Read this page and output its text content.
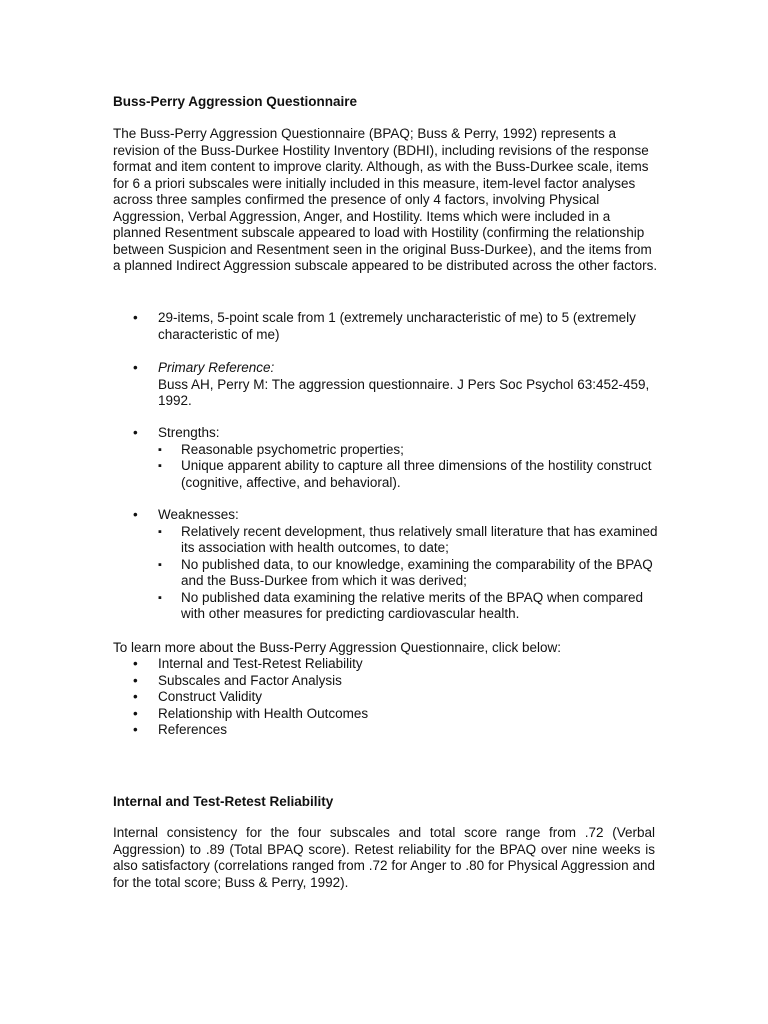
Buss-Perry Aggression Questionnaire

The Buss-Perry Aggression Questionnaire (BPAQ; Buss & Perry, 1992) represents a revision of the Buss-Durkee Hostility Inventory (BDHI), including revisions of the response format and item content to improve clarity. Although, as with the Buss-Durkee scale, items for 6 a priori subscales were initially included in this measure, item-level factor analyses across three samples confirmed the presence of only 4 factors, involving Physical Aggression, Verbal Aggression, Anger, and Hostility. Items which were included in a planned Resentment subscale appeared to load with Hostility (confirming the relationship between Suspicion and Resentment seen in the original Buss-Durkee), and the items from a planned Indirect Aggression subscale appeared to be distributed across the other factors.

• 29-items, 5-point scale from 1 (extremely uncharacteristic of me) to 5 (extremely characteristic of me)
• Primary Reference:
Buss AH, Perry M: The aggression questionnaire. J Pers Soc Psychol 63:452-459, 1992.
• Strengths:
▪ Reasonable psychometric properties;
▪ Unique apparent ability to capture all three dimensions of the hostility construct (cognitive, affective, and behavioral).
• Weaknesses:
▪ Relatively recent development, thus relatively small literature that has examined its association with health outcomes, to date;
▪ No published data, to our knowledge, examining the comparability of the BPAQ and the Buss-Durkee from which it was derived;
▪ No published data examining the relative merits of the BPAQ when compared with other measures for predicting cardiovascular health.

To learn more about the Buss-Perry Aggression Questionnaire, click below:

• Internal and Test-Retest Reliability
• Subscales and Factor Analysis
• Construct Validity
• Relationship with Health Outcomes
• References
Internal and Test-Retest Reliability

Internal consistency for the four subscales and total score range from .72 (Verbal Aggression) to .89 (Total BPAQ score). Retest reliability for the BPAQ over nine weeks is also satisfactory (correlations ranged from .72 for Anger to .80 for Physical Aggression and for the total score; Buss & Perry, 1992).
